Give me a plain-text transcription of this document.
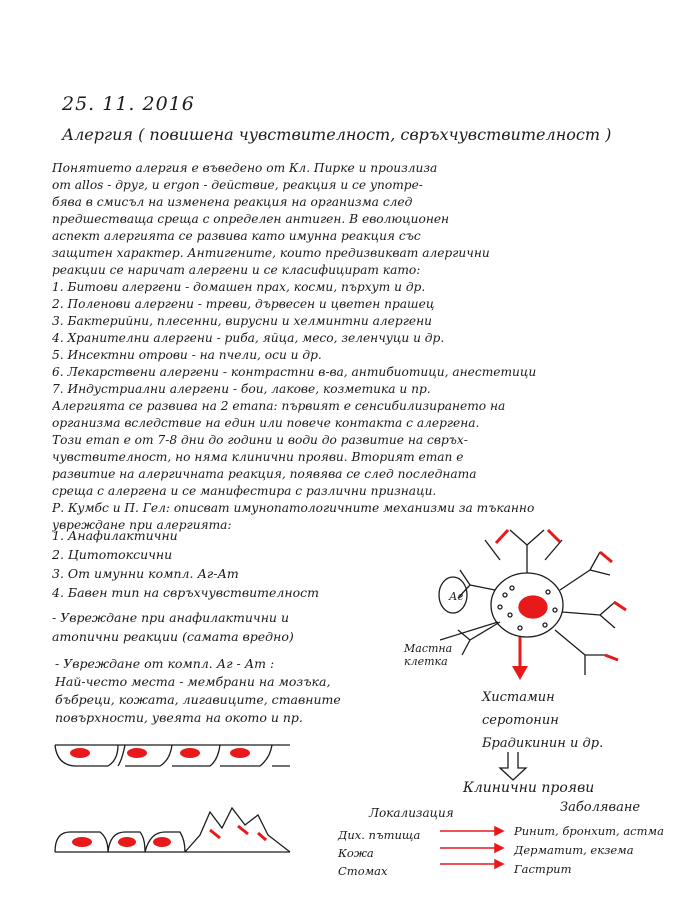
25. 11. 2016
Алергия ( повишена чувствителност, свръхчувствителност )
Понятието алергия е въведено от Кл. Пирке и произлиза
от allos - друг, и ergon - действие, реакция и се употре-
бява в смисъл на изменена реакция на организма след
предшестваща среща с определен антиген. В еволюционен
аспект алергията се развива като имунна реакция със
защитен характер. Антигените, които предизвикват алергични
реакции се наричат алергени и се класифицират като:
1. Битови алергени - домашен прах, косми, пърхут и др.
2. Поленови алергени - треви, дървесен и цветен прашец
3. Бактерийни, плесенни, вирусни и хелминтни алергени
4. Хранителни алергени - риба, яйца, месо, зеленчуци и др.
5. Инсектни отрови - на пчели, оси и др.
6. Лекарствени алергени - контрастни в-ва, антибиотици, анестетици
7. Индустриални алергени - бои, лакове, козметика и пр.
Алергията се развива на 2 етапа: първият е сенсибилизирането на
организма вследствие на един или повече контакта с алергена.
Този етап е от 7-8 дни до години и води до развитие на свръх-
чувствителност, но няма клинични прояви. Вторият етап е
развитие на алергичната реакция, появява се след последната
среща с алергена и се манифестира с различни признаци.
Р. Кумбс и П. Гел: описват имунопатологичните механизми за тъканно
увреждане при алергията:
1. Анафилактични
2. Цитотоксични
3. От имунни компл. Аг-Ат
4. Бавен тип на свръхчувствителност
- Увреждане при анафилактични и
атопични реакции (самата вредно)
- Увреждане от компл. Аг - Ат :
Най-често места - мембрани на мозъка,
бъбреци, кожата, лигавиците, ставните
повърхности, увеята на окото и пр.
Аг
Мастна
клетка
Хистамин
серотонин
Брадикинин и др.
Клинични прояви
Локализация	Заболяване
Дих. пътища
Кожа
Стомах
Ринит, бронхит, астма
Дерматит, екзема
Гастрит
